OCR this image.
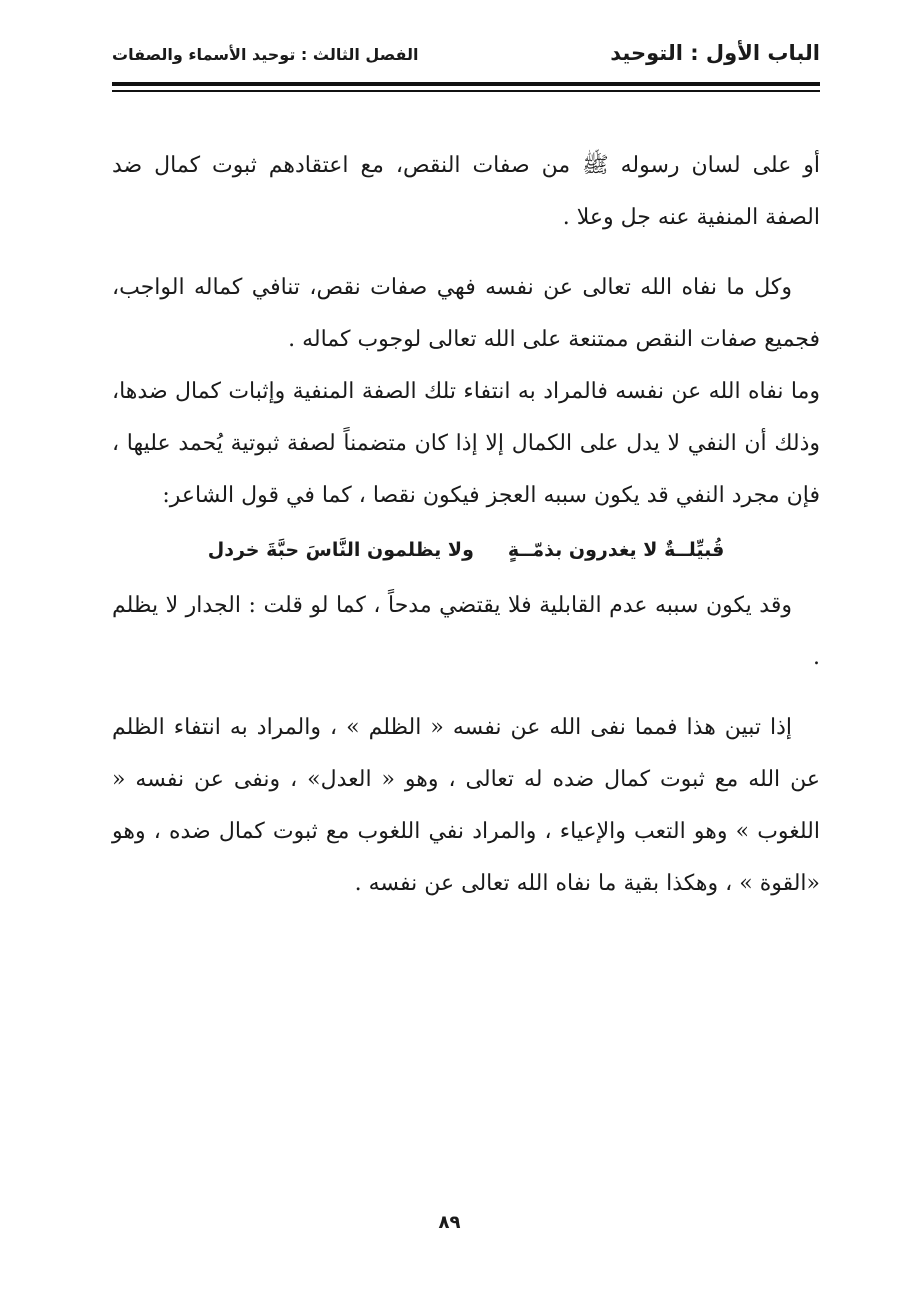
الباب الأول : التوحيد
الفصل الثالث : توحيد الأسماء والصفات

أو على لسان رسوله ﷺ من صفات النقص، مع اعتقادهم ثبوت كمال ضد الصفة المنفية عنه جل وعلا .

وكل ما نفاه الله تعالى عن نفسه فهي صفات نقص، تنافي كماله الواجب، فجميع صفات النقص ممتنعة على الله تعالى لوجوب كماله .

وما نفاه الله عن نفسه فالمراد به انتفاء تلك الصفة المنفية وإثبات كمال ضدها، وذلك أن النفي لا يدل على الكمال إلا إذا كان متضمناً لصفة ثبوتية يُحمد عليها ، فإن مجرد النفي قد يكون سببه العجز فيكون نقصا ، كما في قول الشاعر:

قُبيِّلــةٌ لا يغدرون بذمّــةٍ
ولا يظلمون النَّاسَ حبَّةَ خردل

وقد يكون سببه عدم القابلية فلا يقتضي مدحاً ، كما لو قلت : الجدار لا يظلم .

إذا تبين هذا فمما نفى الله عن نفسه « الظلم » ، والمراد به انتفاء الظلم عن الله مع ثبوت كمال ضده له تعالى ، وهو « العدل» ، ونفى عن نفسه « اللغوب » وهو التعب والإعياء ، والمراد نفي اللغوب مع ثبوت كمال ضده ، وهو «القوة » ، وهكذا بقية ما نفاه الله تعالى عن نفسه .

٨٩
